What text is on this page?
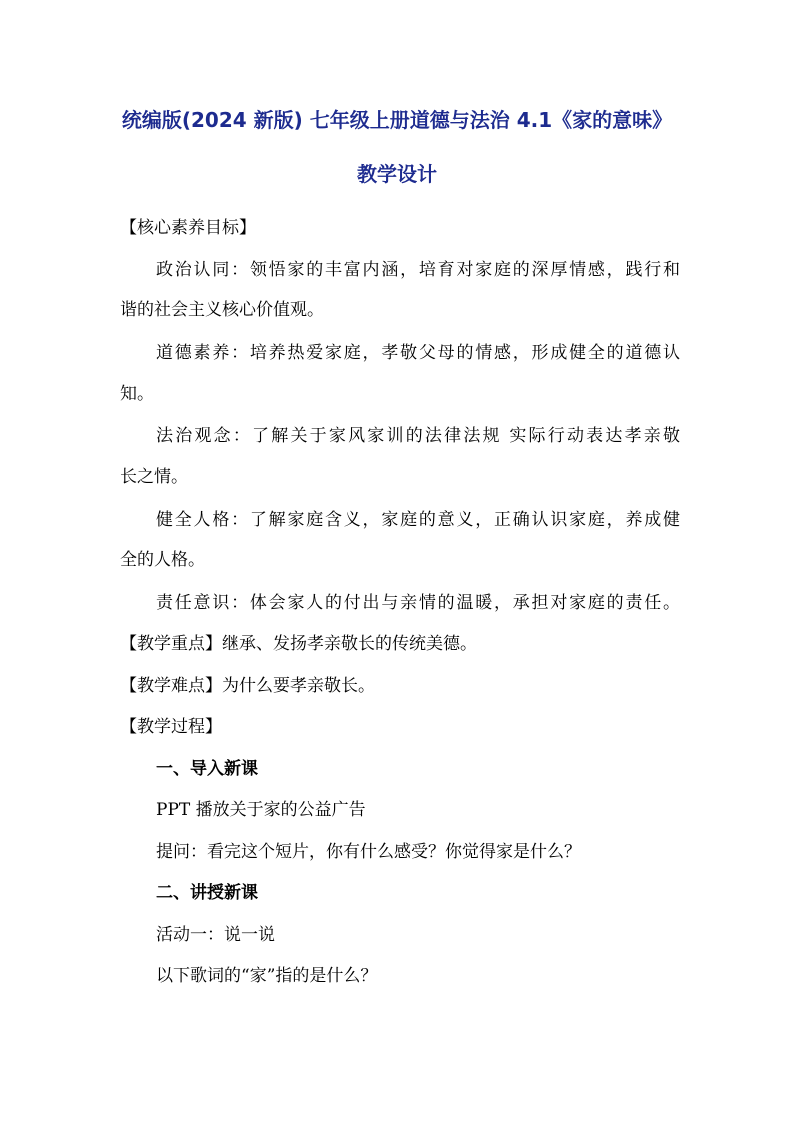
统编版(2024 新版) 七年级上册道德与法治 4.1《家的意味》
教学设计
【核心素养目标】
政治认同：领悟家的丰富内涵，培育对家庭的深厚情感，践行和
谐的社会主义核心价值观。
道德素养：培养热爱家庭，孝敬父母的情感，形成健全的道德认
知。
法治观念：了解关于家风家训的法律法规 实际行动表达孝亲敬
长之情。
健全人格：了解家庭含义，家庭的意义，正确认识家庭，养成健
全的人格。
责任意识：体会家人的付出与亲情的温暖，承担对家庭的责任。
【教学重点】继承、发扬孝亲敬长的传统美德。
【教学难点】为什么要孝亲敬长。
【教学过程】
一、导入新课
PPT 播放关于家的公益广告
提问：看完这个短片，你有什么感受？你觉得家是什么？
二、讲授新课
活动一：说一说
以下歌词的“家”指的是什么？
